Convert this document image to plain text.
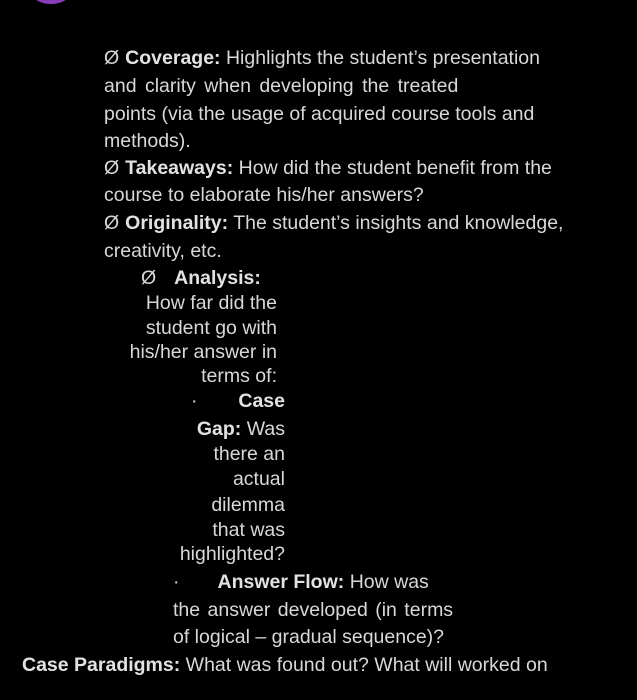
Ø Coverage: Highlights the student’s presentation
and clarity when developing the treated
points (via the usage of acquired course tools and
methods).
Ø Takeaways: How did the student benefit from the
course to elaborate his/her answers?
Ø Originality: The student’s insights and knowledge,
creativity, etc.
Ø Analysis:
How far did the
student go with
his/her answer in
terms of:
· Case
Gap: Was
there an
actual
dilemma
that was
highlighted?
· Answer Flow: How was
the answer developed (in terms
of logical – gradual sequence)?
Case Paradigms: What was found out? What will worked on
